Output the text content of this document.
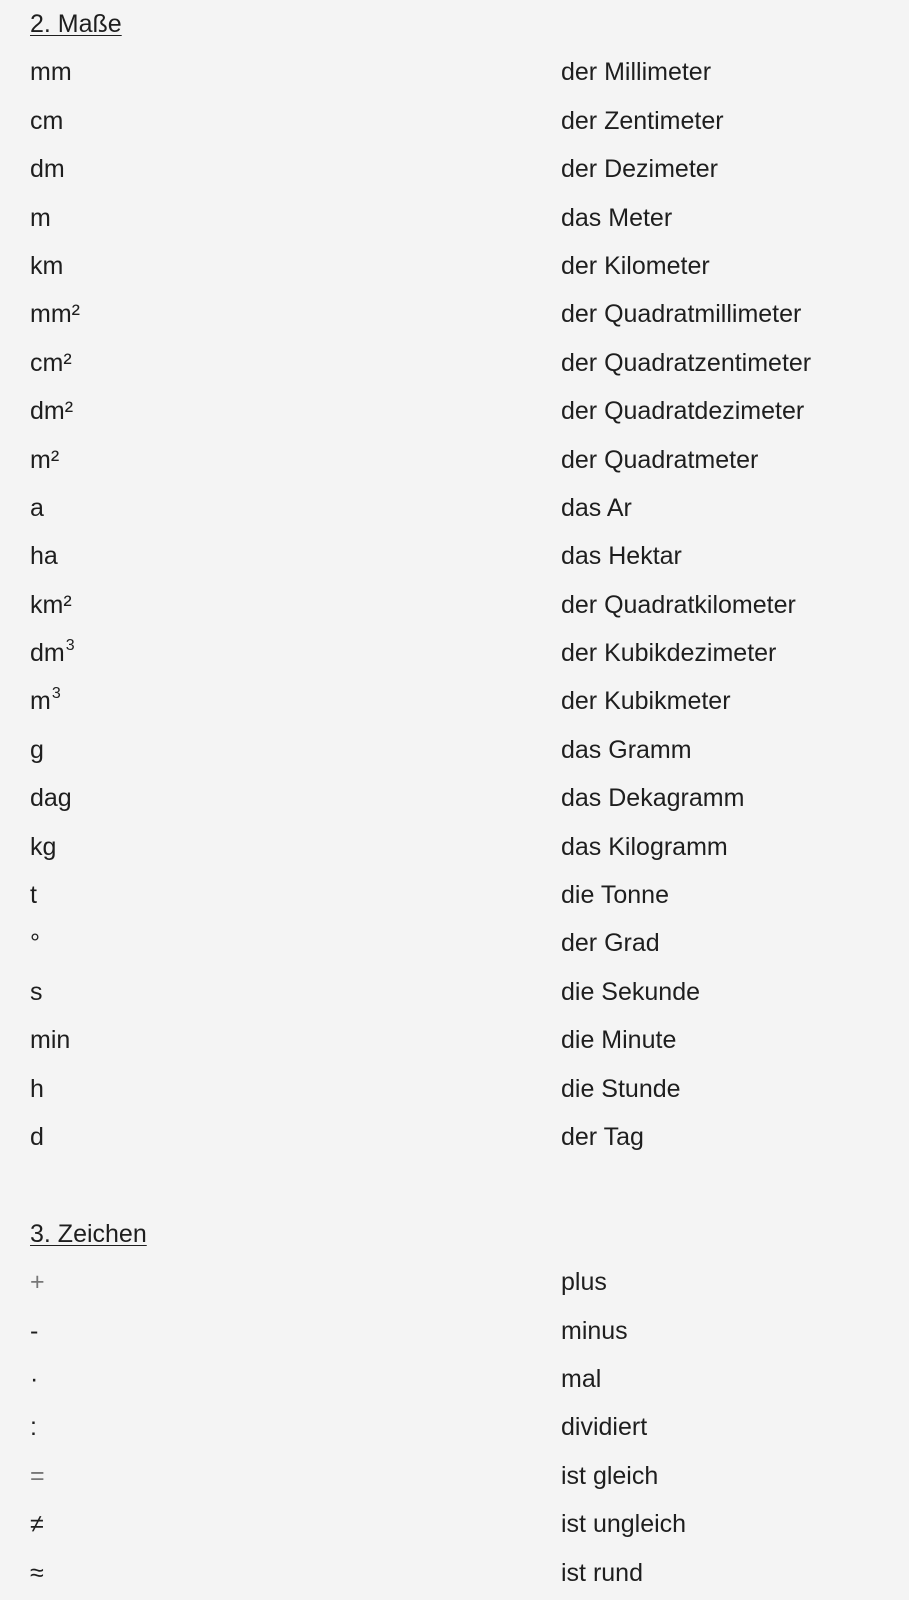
2. Maße
mm	der Millimeter
cm	der Zentimeter
dm	der Dezimeter
m	das Meter
km	der Kilometer
mm²	der Quadratmillimeter
cm²	der Quadratzentimeter
dm²	der Quadratdezimeter
m²	der Quadratmeter
a	das Ar
ha	das Hektar
km²	der Quadratkilometer
$dm^3$	der Kubikdezimeter
$m^3$	der Kubikmeter
g	das Gramm
dag	das Dekagramm
kg	das Kilogramm
t	die Tonne
°	der Grad
s	die Sekunde
min	die Minute
h	die Stunde
d	der Tag
3. Zeichen
+	plus
-	minus
·	mal
:	dividiert
=	ist gleich
≠	ist ungleich
≈	ist rund
